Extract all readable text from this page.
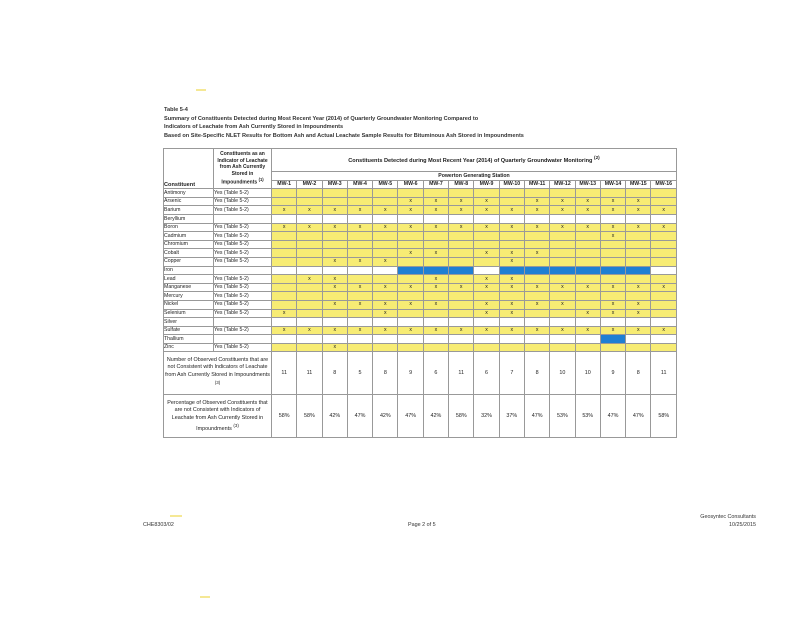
Table 5-4
Summary of Constituents Detected during Most Recent Year (2014) of Quarterly Groundwater Monitoring Compared to
Indicators of Leachate from Ash Currently Stored in Impoundments
Based on Site-Specific NLET Results for Bottom Ash and Actual Leachate Sample Results for Bituminous Ash Stored in Impoundments
Constituent	Constituents as an Indicator of Leachate from Ash Currently Stored in Impoundments $^{(1)}$	Constituents Detected during Most Recent Year (2014) of Quarterly Groundwater Monitoring $^{(2)}$
		Powerton Generating Station															
		MW-1	MW-2	MW-3	MW-4	MW-5	MW-6	MW-7	MW-8	MW-9	MW-10	MW-11	MW-12	MW-13	MW-14	MW-15	MW-16
Antimony	Yes (Table 5-2)																
Arsenic	Yes (Table 5-2)						x	x	x	x		x	x	x	x	x	
Barium	Yes (Table 5-2)	x	x	x	x	x	x	x	x	x	x	x	x	x	x	x	x
Beryllium																	
Boron	Yes (Table 5-2)	x	x	x	x	x	x	x	x	x	x	x	x	x	x	x	x
Cadmium	Yes (Table 5-2)														x		
Chromium	Yes (Table 5-2)																
Cobalt	Yes (Table 5-2)						x	x		x	x	x					
Copper	Yes (Table 5-2)			x	x	x					x						
Iron																	
Lead	Yes (Table 5-2)		x	x				x		x	x						
Manganese	Yes (Table 5-2)			x	x	x	x	x	x	x	x	x	x	x	x	x	x
Mercury	Yes (Table 5-2)																
Nickel	Yes (Table 5-2)			x	x	x	x	x		x	x	x	x		x	x	
Selenium	Yes (Table 5-2)	x				x				x	x			x	x	x	
Silver																	
Sulfate	Yes (Table 5-2)	x	x	x	x	x	x	x	x	x	x	x	x	x	x	x	x
Thallium																	
Zinc	Yes (Table 5-2)			x													
Number of Observed Constituents that are not Consistent with Indicators of Leachate from Ash Currently Stored in Impoundments $^{(3)}$		11	11	8	5	8	9	6	11	6	7	8	10	10	9	8	11
Percentage of Observed Constituents that are not Consistent with Indicators of Leachate from Ash Currently Stored in Impoundments $^{(3)}$		58%	58%	42%	47%	42%	47%	42%	58%	32%	37%	47%	53%	53%	47%	47%	58%
CHE8303/02	Page 2 of 5
Geosyntec Consultants
10/25/2015
